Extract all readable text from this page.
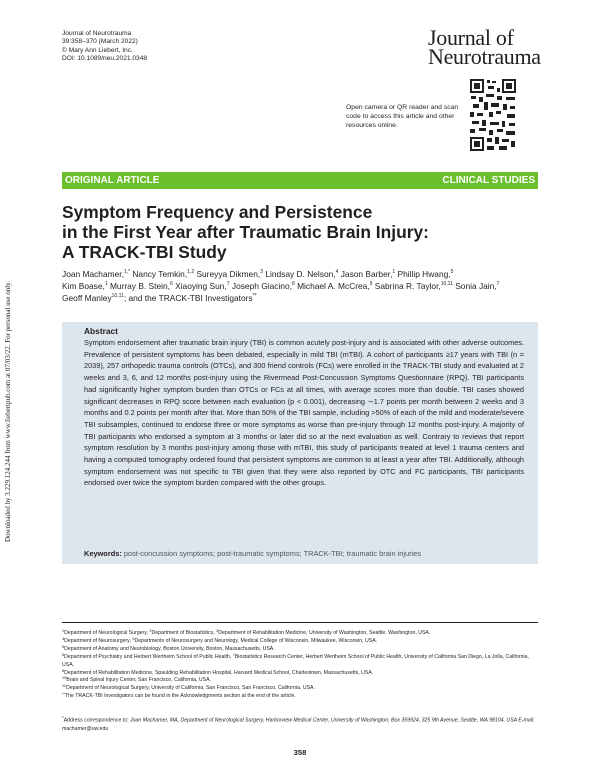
Journal of Neurotrauma
39:358–370 (March 2022)
© Mary Ann Liebert, Inc.
DOI: 10.1089/neu.2021.0348
Journal of
Neurotrauma
Open camera or QR reader and scan code to access this article and other resources online.
ORIGINAL ARTICLE	CLINICAL STUDIES
Symptom Frequency and Persistence
in the First Year after Traumatic Brain Injury:
A TRACK-TBI Study
Joan Machamer,$^{1,*}$ Nancy Temkin,$^{1,2}$ Sureyya Dikmen,$^3$ Lindsay D. Nelson,$^4$ Jason Barber,$^1$ Phillip Hwang,$^5$
Kim Boase,$^1$ Murray B. Stein,$^6$ Xiaoying Sun,$^7$ Joseph Giacino,$^8$ Michael A. McCrea,$^9$ Sabrina R. Taylor,$^{10,11}$ Sonia Jain,$^7$
Geoff Manley$^{10,11}$; and the TRACK-TBI Investigators**
Abstract
Symptom endorsement after traumatic brain injury (TBI) is common acutely post-injury and is associated with other adverse outcomes. Prevalence of persistent symptoms has been debated, especially in mild TBI (mTBI). A cohort of participants ≥17 years with TBI (n = 2039), 257 orthopedic trauma controls (OTCs), and 300 friend controls (FCs) were enrolled in the TRACK-TBI study and evaluated at 2 weeks and 3, 6, and 12 months post-injury using the Rivermead Post-Concussion Symptoms Questionnaire (RPQ). TBI participants had significantly higher symptom burden than OTCs or FCs at all times, with average scores more than double. TBI cases showed significant decreases in RPQ score between each evaluation (p < 0.001), decreasing ∼1.7 points per month between 2 weeks and 3 months and 0.2 points per month after that. More than 50% of the TBI sample, including >50% of each of the mild and moderate/severe TBI subsamples, continued to endorse three or more symptoms as worse than pre-injury through 12 months post-injury. A majority of TBI participants who endorsed a symptom at 3 months or later did so at the next evaluation as well. Contrary to reviews that report symptom resolution by 3 months post-injury among those with mTBI, this study of participants treated at level 1 trauma centers and having a computed tomography ordered found that persistent symptoms are common to at least a year after TBI. Additionally, although symptom endorsement was not specific to TBI given that they were also reported by OTC and FC participants, TBI participants endorsed over twice the symptom burden compared with the other groups.
Keywords: post-concussion symptoms; post-traumatic symptoms; TRACK-TBI; traumatic brain injuries
Downloaded by 3.229.124.244 from www.liebertpub.com at 07/03/22. For personal use only.
$^1$Department of Neurological Surgery, $^2$Department of Biostatistics, $^3$Department of Rehabilitation Medicine, University of Washington, Seattle, Washington, USA.
$^4$Department of Neurosurgery, $^5$Departments of Neurosurgery and Neurology, Medical College of Wisconsin, Milwaukee, Wisconsin, USA.
$^5$Department of Anatomy and Neurobiology, Boston University, Boston, Massachusetts, USA.
$^6$Department of Psychiatry and Herbert Wertheim School of Public Health, $^7$Biostatistics Research Center, Herbert Wertheim School of Public Health, University of California San Diego, La Jolla, California, USA.
$^8$Department of Rehabilitation Medicine, Spaulding Rehabilitation Hospital, Harvard Medical School, Charlestown, Massachusetts, USA.
$^{10}$Brain and Spinal Injury Center, San Francisco, California, USA.
$^{11}$Department of Neurological Surgery, University of California, San Francisco, San Francisco, California, USA.
**The TRACK-TBI Investigators can be found in the Acknowledgments section at the end of the article.
*Address correspondence to: Joan Machamer, MA, Department of Neurological Surgery, Harborview Medical Center, University of Washington, Box 359924, 325 9th Avenue, Seattle, WA 98104, USA E-mail: machamer@uw.edu
358
